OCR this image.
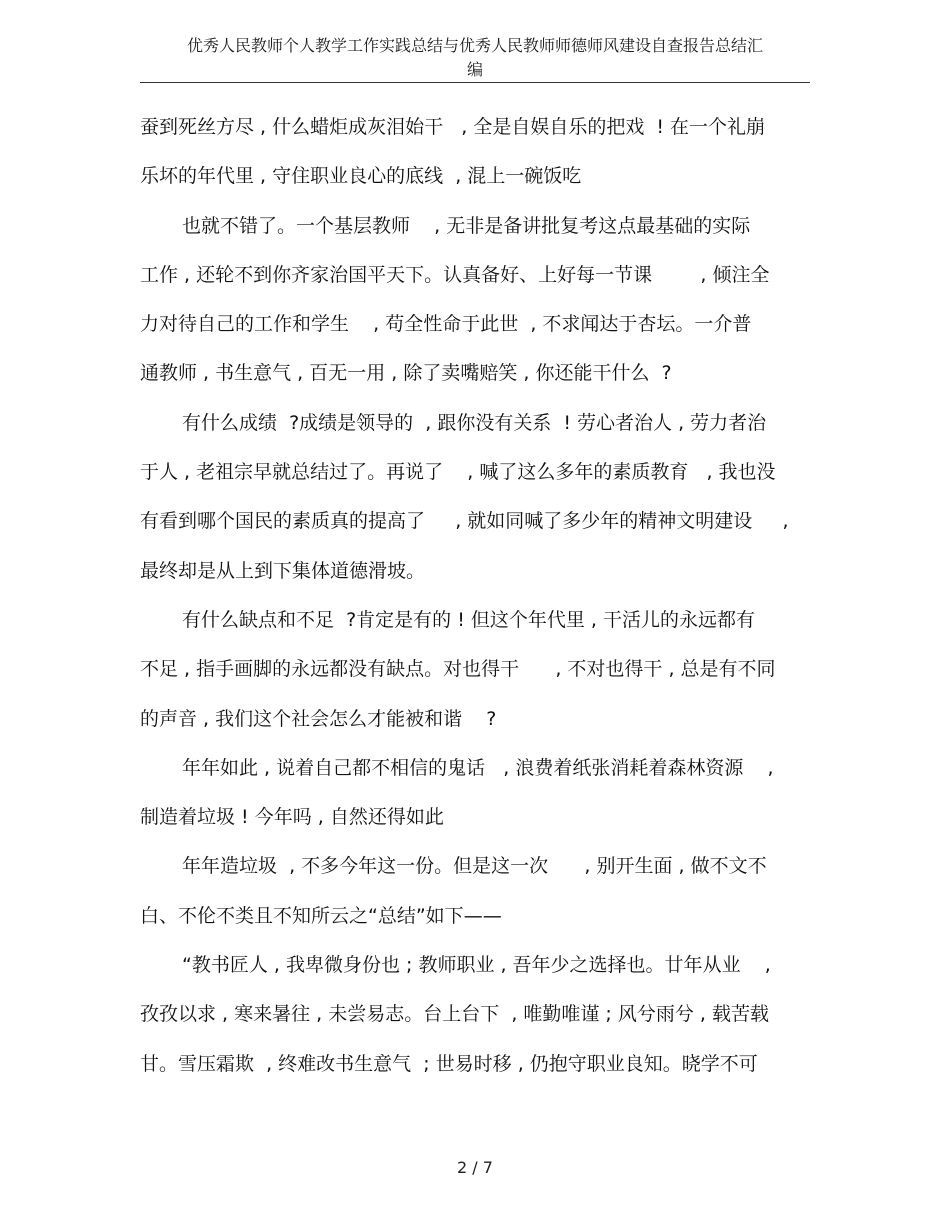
优秀人民教师个人教学工作实践总结与优秀人民教师师德师风建设自查报告总结汇
编
蚕到死丝方尽 , 什么蜡炬成灰泪始干   , 全是自娱自乐的把戏  ! 在一个礼崩
乐坏的年代里 , 守住职业良心的底线  , 混上一碗饭吃
也就不错了。一个基层教师    , 无非是备讲批复考这点最基础的实际
工作 , 还轮不到你齐家治国平天下。认真备好、上好每一节课        , 倾注全
力对待自己的工作和学生    , 苟全性命于此世  , 不求闻达于杏坛。一介普
通教师 , 书生意气 , 百无一用 , 除了卖嘴赔笑 , 你还能干什么  ?
有什么成绩  ?成绩是领导的  , 跟你没有关系  ! 劳心者治人 , 劳力者治
于人 , 老祖宗早就总结过了。再说了    , 喊了这么多年的素质教育   , 我也没
有看到哪个国民的素质真的提高了     , 就如同喊了多少年的精神文明建设     ,
最终却是从上到下集体道德滑坡。
有什么缺点和不足  ?肯定是有的 ! 但这个年代里 , 干活儿的永远都有
不足 , 指手画脚的永远都没有缺点。对也得干      , 不对也得干 , 总是有不同
的声音 , 我们这个社会怎么才能被和谐    ?
年年如此 , 说着自己都不相信的鬼话   , 浪费着纸张消耗着森林资源    ,
制造着垃圾 ! 今年吗 , 自然还得如此
年年造垃圾  , 不多今年这一份。但是这一次      , 别开生面 , 做不文不
白、不伦不类且不知所云之“总结”如下——
“教书匠人 , 我卑微身份也 ; 教师职业 , 吾年少之选择也。廿年从业    ,
孜孜以求 , 寒来暑往 , 未尝易志。台上台下  , 唯勤唯谨 ; 风兮雨兮 , 载苦载
甘。雪压霜欺  , 终难改书生意气  ; 世易时移 , 仍抱守职业良知。晓学不可
2 / 7
